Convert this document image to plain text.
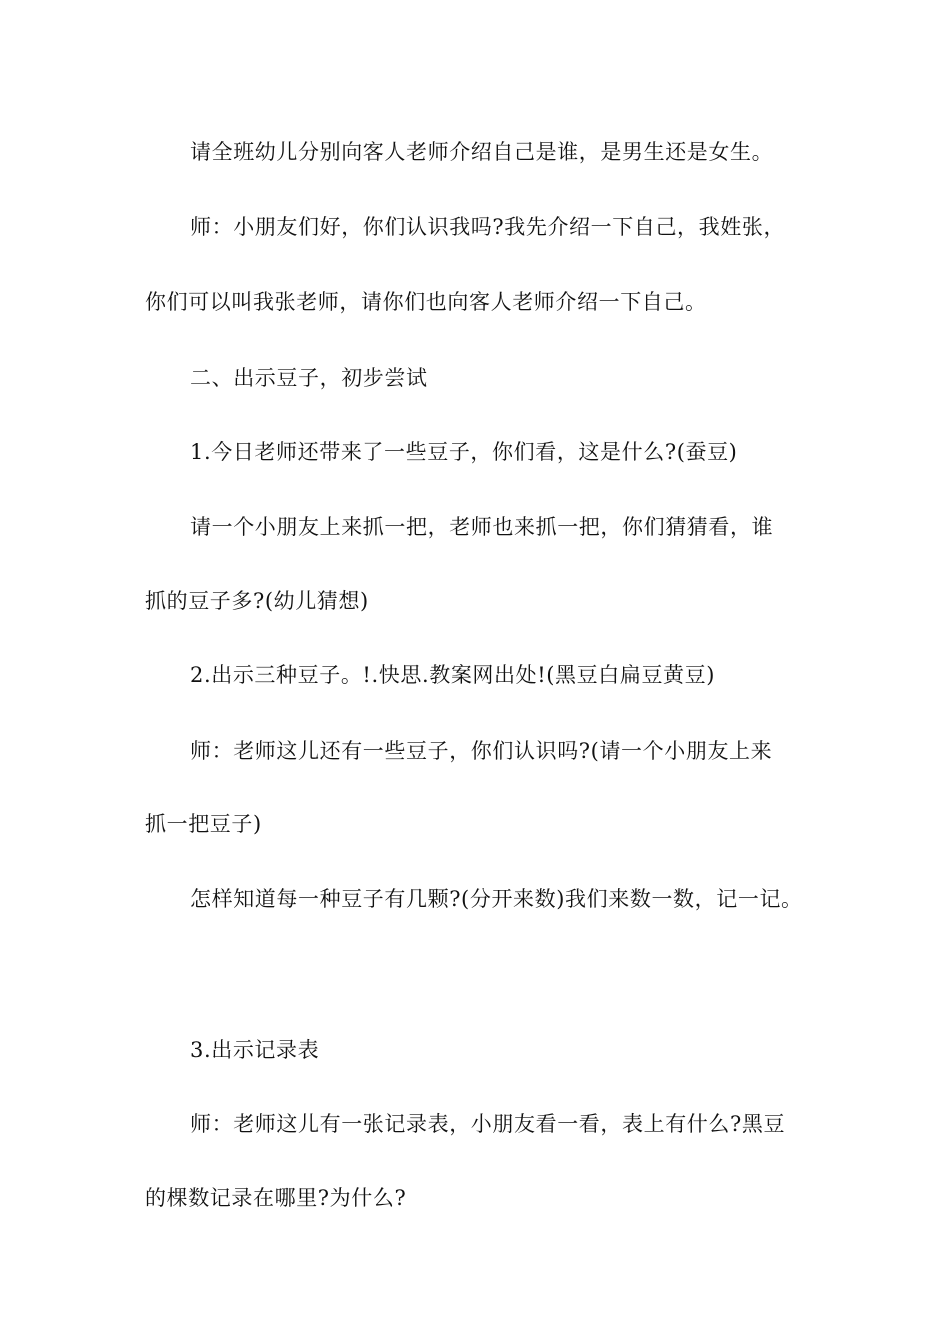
请全班幼儿分别向客人老师介绍自己是谁，是男生还是女生。
师：小朋友们好，你们认识我吗?我先介绍一下自己，我姓张，
你们可以叫我张老师，请你们也向客人老师介绍一下自己。
二、出示豆子，初步尝试
1.今日老师还带来了一些豆子，你们看，这是什么?(蚕豆)
请一个小朋友上来抓一把，老师也来抓一把，你们猜猜看，谁
抓的豆子多?(幼儿猜想)
2.出示三种豆子。!.快思.教案网出处!(黑豆白扁豆黄豆)
师：老师这儿还有一些豆子，你们认识吗?(请一个小朋友上来
抓一把豆子)
怎样知道每一种豆子有几颗?(分开来数)我们来数一数，记一记。
3.出示记录表
师：老师这儿有一张记录表，小朋友看一看，表上有什么?黑豆
的棵数记录在哪里?为什么?
